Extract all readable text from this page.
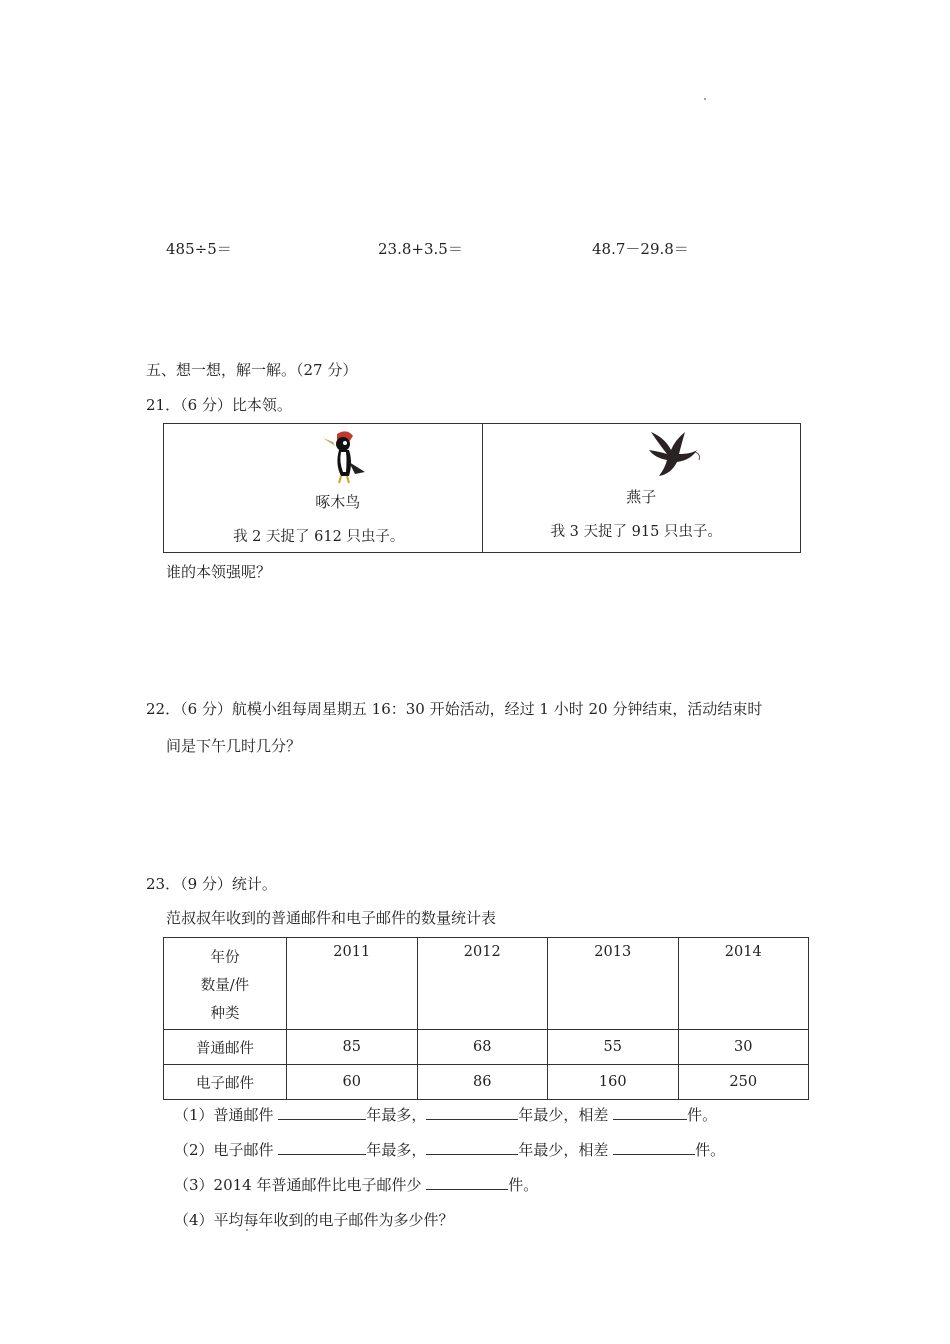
485÷5＝	23.8+3.5＝	48.7－29.8＝
五、想一想，解一解。（27 分）
21．（6 分）比本领。
啄木鸟
我 2 天捉了 612 只虫子。
燕子
我 3 天捉了 915 只虫子。
谁的本领强呢？
22．（6 分）航模小组每周星期五 16：30 开始活动，经过 1 小时 20 分钟结束，活动结束时
间是下午几时几分？
23．（9 分）统计。
范叔叔年收到的普通邮件和电子邮件的数量统计表
年份
数量/件
种类	2011	2012	2013	2014
普通邮件	85	68	55	30
电子邮件	60	86	160	250
（1）普通邮件	年最多，	年最少，相差	件。
（2）电子邮件	年最多，	年最少，相差	件。
（3）2014 年普通邮件比电子邮件少	件。
（4）平均每年收到的电子邮件为多少件？
